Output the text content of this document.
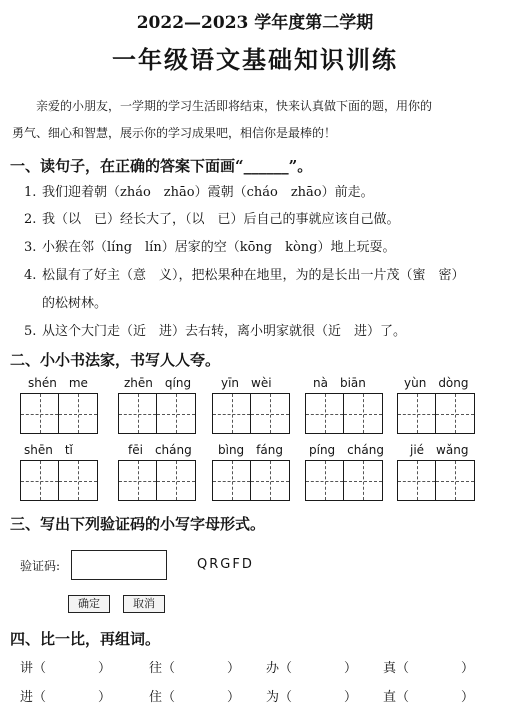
2022—2023 学年度第二学期
一年级语文基础知识训练
亲爱的小朋友，一学期的学习生活即将结束，快来认真做下面的题，用你的
勇气、细心和智慧，展示你的学习成果吧，相信你是最棒的！
一、读句子，在正确的答案下面画“______”。
1. 我们迎着朝（zháo　zhāo）霞朝（cháo　zhāo）前走。
2. 我（以　已）经长大了，（以　已）后自己的事就应该自己做。
3. 小猴在邻（líng　lín）居家的空（kōng　kòng）地上玩耍。
4. 松鼠有了好主（意　义），把松果种在地里，为的是长出一片茂（蜜　密）
的松树林。
5. 从这个大门走（近　进）去右转，离小明家就很（近　进）了。
二、小小书法家，书写人人夸。
shén　me	zhēn　qíng yīn　wèi	nà　biān	yùn　dòng
shēn　tǐ	fēi　cháng bìng　fáng píng　cháng jié　wǎng
三、写出下列验证码的小写字母形式。
验证码:	QRGFD
确定	取消
四、比一比，再组词。
讲（　　　　）	往（　　　　） 办（　　　　） 真（　　　　）
进（　　　　）	住（　　　　） 为（　　　　） 直（　　　　）
